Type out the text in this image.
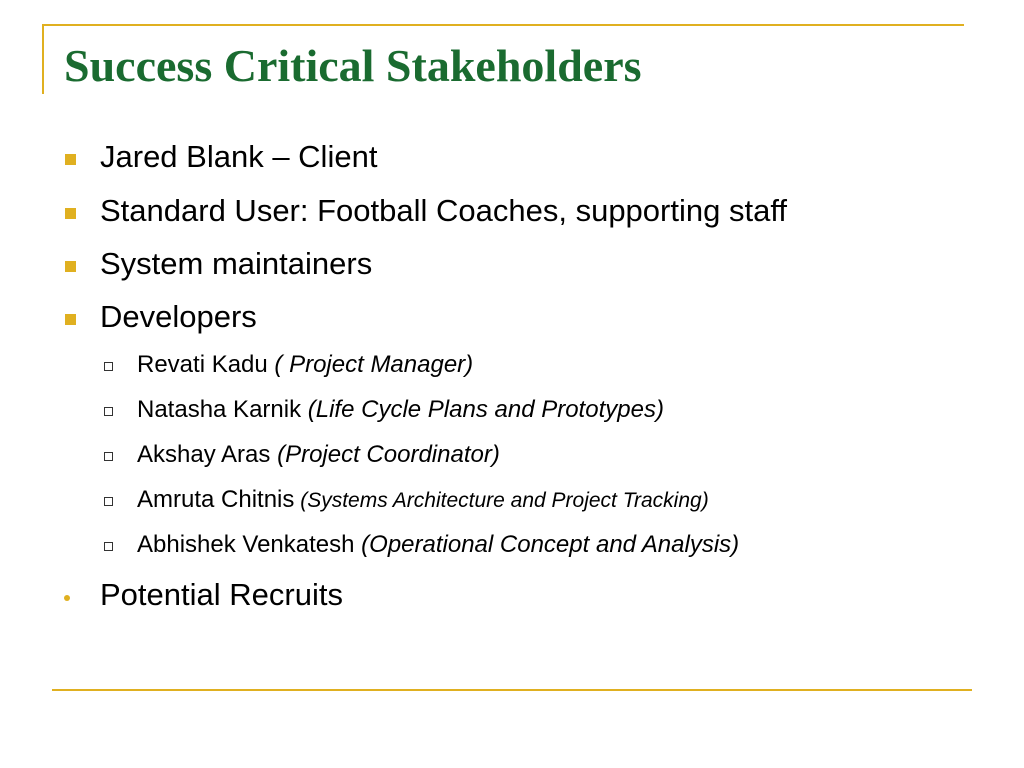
Success Critical Stakeholders
Jared Blank – Client
Standard User: Football Coaches, supporting staff
System maintainers
Developers
Revati Kadu ( Project Manager)
Natasha Karnik (Life Cycle Plans and Prototypes)
Akshay Aras (Project Coordinator)
Amruta Chitnis (Systems Architecture and Project Tracking)
Abhishek Venkatesh (Operational Concept and Analysis)
Potential Recruits
